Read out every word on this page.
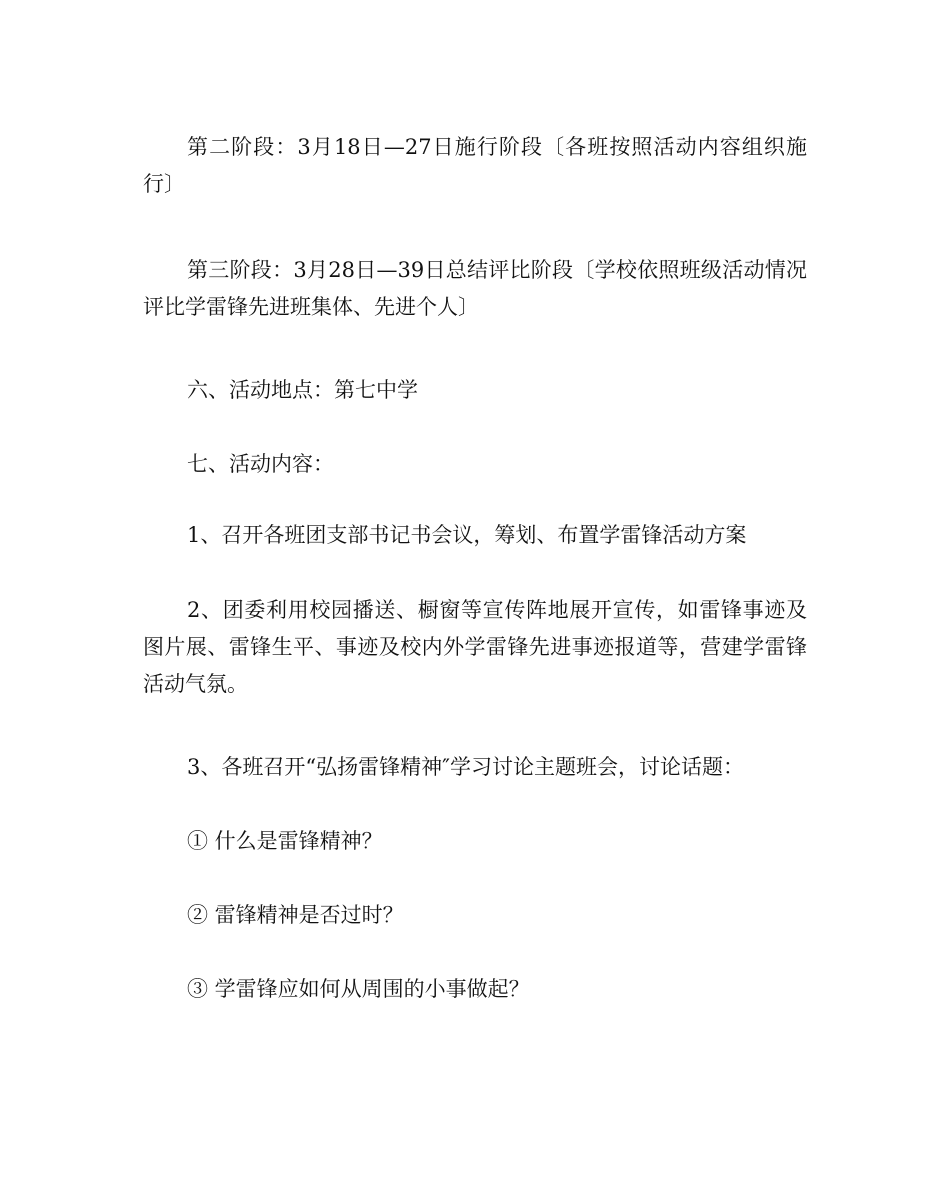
第二阶段：3月18日—27日施行阶段〔各班按照活动内容组织施行〕

第三阶段：3月28日—39日总结评比阶段〔学校依照班级活动情况评比学雷锋先进班集体、先进个人〕

六、活动地点：第七中学

七、活动内容：

1、召开各班团支部书记书会议，筹划、布置学雷锋活动方案

2、团委利用校园播送、橱窗等宣传阵地展开宣传，如雷锋事迹及图片展、雷锋生平、事迹及校内外学雷锋先进事迹报道等，营建学雷锋活动气氛。

3、各班召开“弘扬雷锋精神″学习讨论主题班会，讨论话题：

① 什么是雷锋精神？

② 雷锋精神是否过时？

③ 学雷锋应如何从周围的小事做起？
